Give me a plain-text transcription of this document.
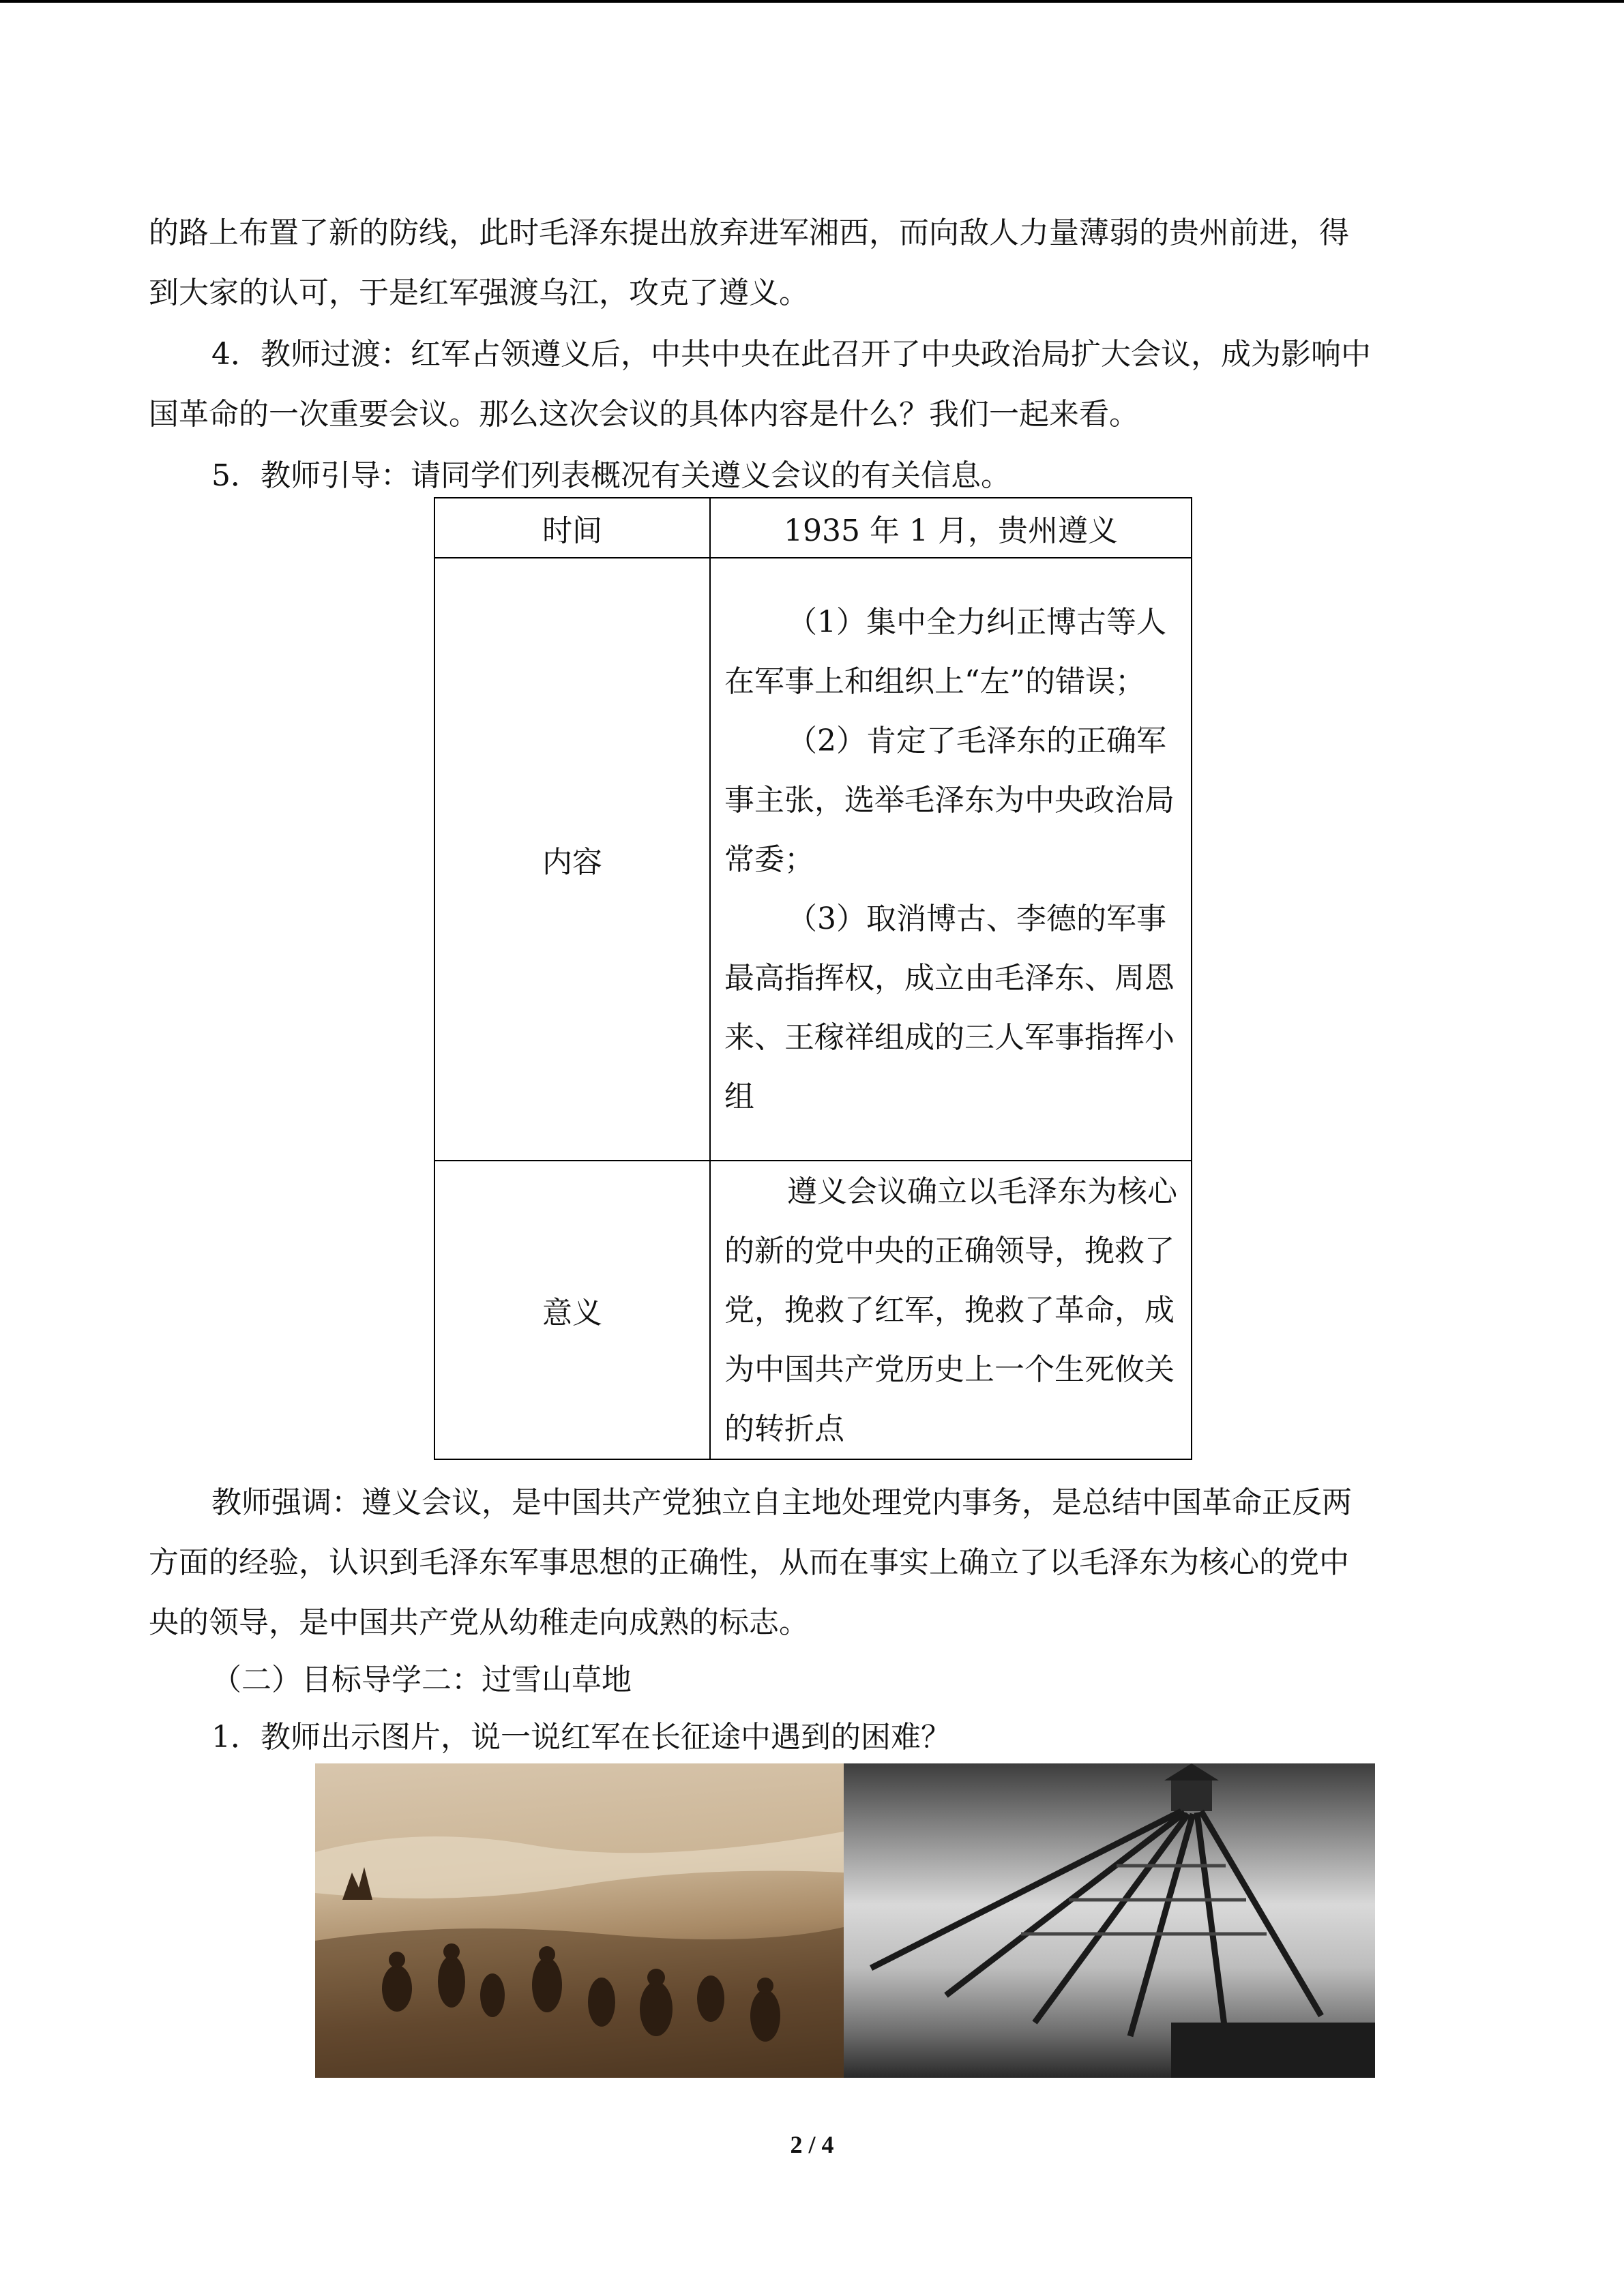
的路上布置了新的防线，此时毛泽东提出放弃进军湘西，而向敌人力量薄弱的贵州前进，得

到大家的认可，于是红军强渡乌江，攻克了遵义。

4．教师过渡：红军占领遵义后，中共中央在此召开了中央政治局扩大会议，成为影响中

国革命的一次重要会议。那么这次会议的具体内容是什么？我们一起来看。

5．教师引导：请同学们列表概况有关遵义会议的有关信息。

时间	1935 年 1 月，贵州遵义
内容	（1）集中全力纠正博古等人在军事上和组织上“左”的错误；

（2）肯定了毛泽东的正确军事主张，选举毛泽东为中央政治局常委；

（3）取消博古、李德的军事最高指挥权，成立由毛泽东、周恩来、王稼祥组成的三人军事指挥小组

意义	遵义会议确立以毛泽东为核心的新的党中央的正确领导，挽救了党，挽救了红军，挽救了革命，成为中国共产党历史上一个生死攸关的转折点

教师强调：遵义会议，是中国共产党独立自主地处理党内事务，是总结中国革命正反两

方面的经验，认识到毛泽东军事思想的正确性，从而在事实上确立了以毛泽东为核心的党中

央的领导，是中国共产党从幼稚走向成熟的标志。

（二）目标导学二：过雪山草地

1．教师出示图片，说一说红军在长征途中遇到的困难？

2 / 4
